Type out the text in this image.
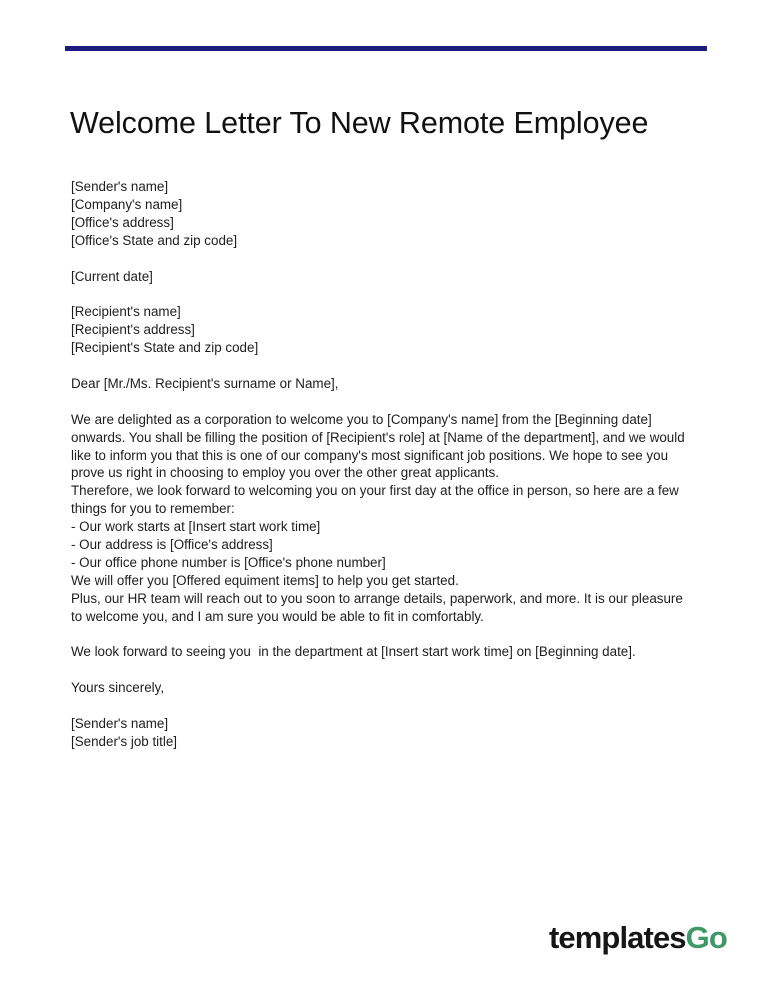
Welcome Letter To New Remote Employee
[Sender's name]
[Company's name]
[Office's address]
[Office's State and zip code]
[Current date]
[Recipient's name]
[Recipient's address]
[Recipient's State and zip code]

Dear [Mr./Ms. Recipient's surname or Name],

We are delighted as a corporation to welcome you to [Company's name] from the [Beginning date] onwards. You shall be filling the position of [Recipient's role] at [Name of the department], and we would like to inform you that this is one of our company's most significant job positions. We hope to see you prove us right in choosing to employ you over the other great applicants.

Therefore, we look forward to welcoming you on your first day at the office in person, so here are a few things for you to remember:

- Our work starts at [Insert start work time]

- Our address is [Office's address]

- Our office phone number is [Office's phone number]

We will offer you [Offered equiment items] to help you get started.

Plus, our HR team will reach out to you soon to arrange details, paperwork, and more. It is our pleasure to welcome you, and I am sure you would be able to fit in comfortably.

We look forward to seeing you  in the department at [Insert start work time] on [Beginning date].

Yours sincerely,

[Sender's name]
[Sender's job title]
templatesGo
